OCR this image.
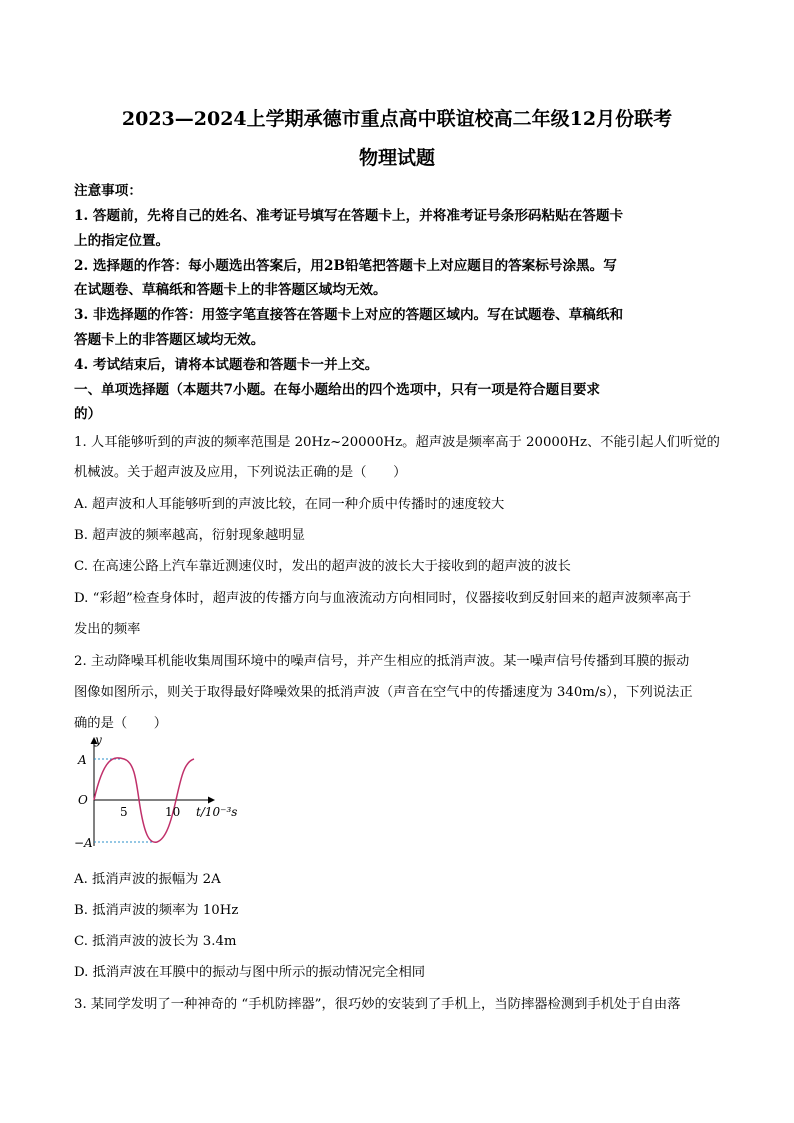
2023—2024上学期承德市重点高中联谊校高二年级12月份联考
物理试题
注意事项：
1. 答题前，先将自己的姓名、准考证号填写在答题卡上，并将准考证号条形码粘贴在答题卡
上的指定位置。
2. 选择题的作答：每小题选出答案后，用2B铅笔把答题卡上对应题目的答案标号涂黑。写
在试题卷、草稿纸和答题卡上的非答题区域均无效。
3. 非选择题的作答：用签字笔直接答在答题卡上对应的答题区域内。写在试题卷、草稿纸和
答题卡上的非答题区域均无效。
4. 考试结束后，请将本试题卷和答题卡一并上交。
一、单项选择题（本题共7小题。在每小题给出的四个选项中，只有一项是符合题目要求
的）
1. 人耳能够听到的声波的频率范围是 20Hz~20000Hz。超声波是频率高于 20000Hz、不能引起人们听觉的
机械波。关于超声波及应用，下列说法正确的是（　　）
A. 超声波和人耳能够听到的声波比较，在同一种介质中传播时的速度较大
B. 超声波的频率越高，衍射现象越明显
C. 在高速公路上汽车靠近测速仪时，发出的超声波的波长大于接收到的超声波的波长
D. “彩超”检查身体时，超声波的传播方向与血液流动方向相同时，仪器接收到反射回来的超声波频率高于
发出的频率
2. 主动降噪耳机能收集周围环境中的噪声信号，并产生相应的抵消声波。某一噪声信号传播到耳膜的振动
图像如图所示，则关于取得最好降噪效果的抵消声波（声音在空气中的传播速度为 340m/s），下列说法正
确的是（　　）
y
A
O
−A
5	10 t/10⁻³s
A. 抵消声波的振幅为 2A
B. 抵消声波的频率为 10Hz
C. 抵消声波的波长为 3.4m
D. 抵消声波在耳膜中的振动与图中所示的振动情况完全相同
3. 某同学发明了一种神奇的 “手机防摔器”，很巧妙的安装到了手机上，当防摔器检测到手机处于自由落
